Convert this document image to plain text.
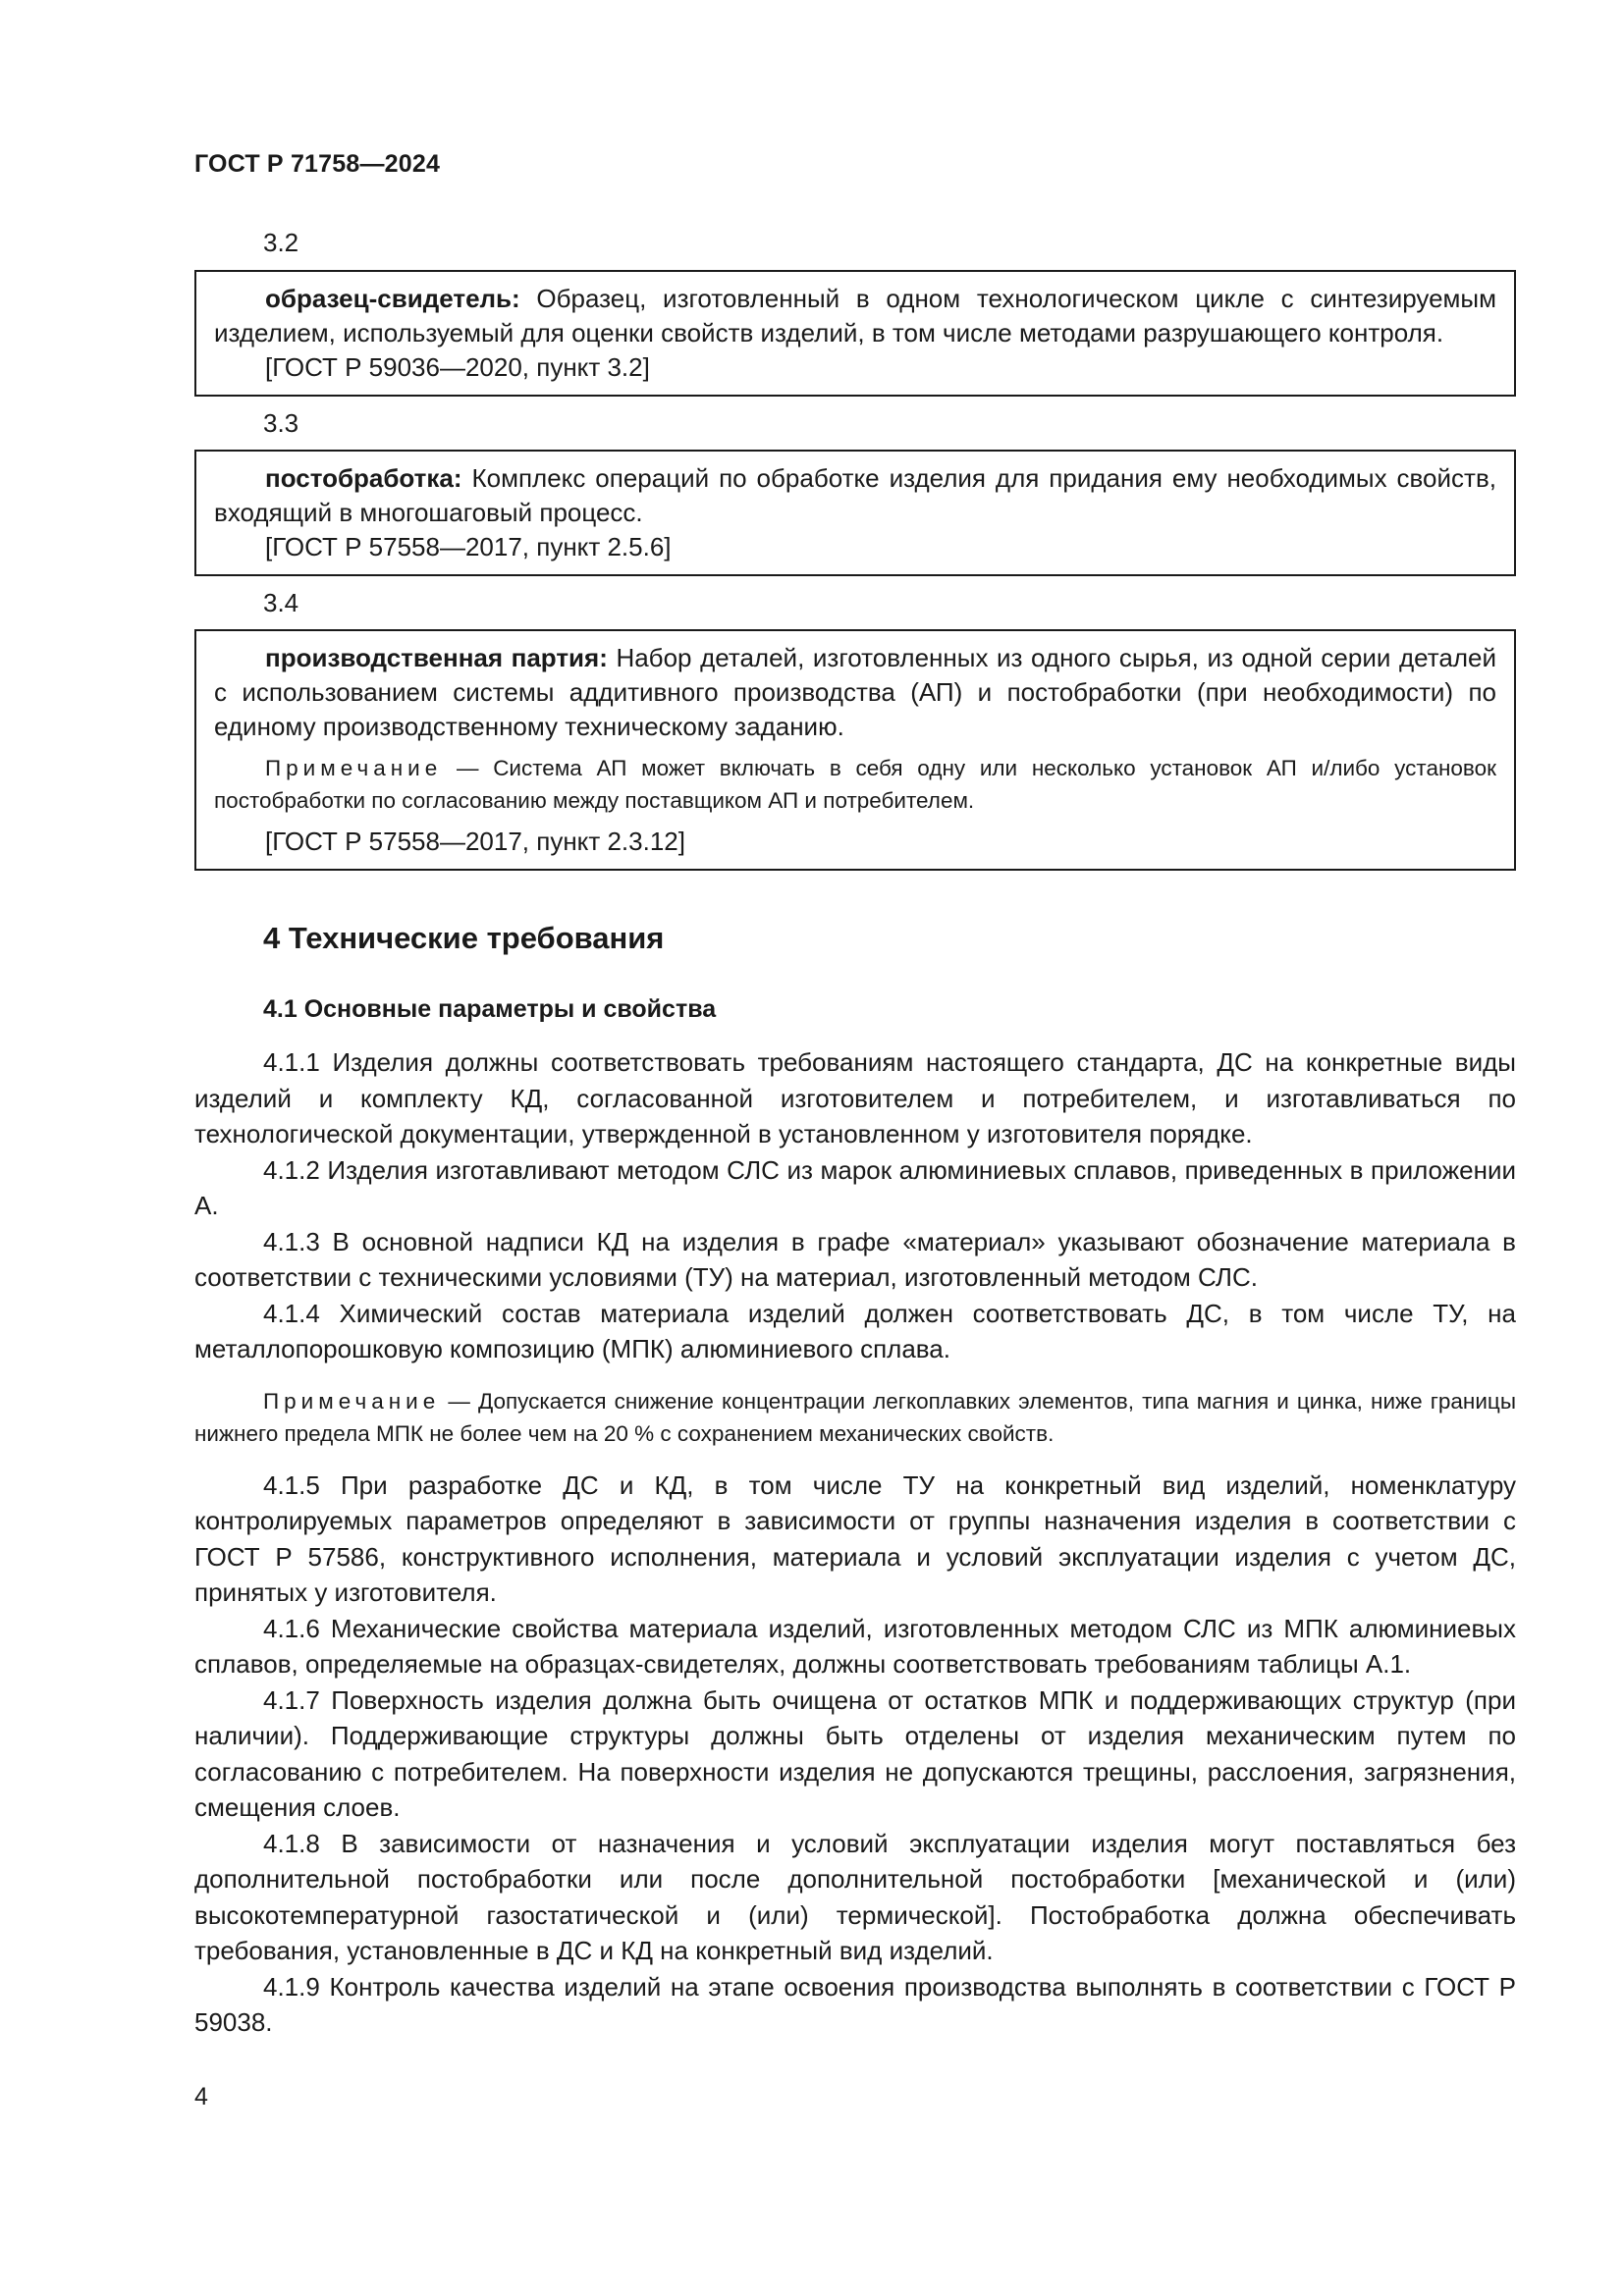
ГОСТ Р 71758—2024
3.2

образец-свидетель: Образец, изготовленный в одном технологическом цикле с синтезируемым изделием, используемый для оценки свойств изделий, в том числе методами разрушающего контроля.

[ГОСТ Р 59036—2020, пункт 3.2]

3.3

постобработка: Комплекс операций по обработке изделия для придания ему необходимых свойств, входящий в многошаговый процесс.

[ГОСТ Р 57558—2017, пункт 2.5.6]

3.4

производственная партия: Набор деталей, изготовленных из одного сырья, из одной серии деталей с использованием системы аддитивного производства (АП) и постобработки (при необходимости) по единому производственному техническому заданию.

Примечание — Система АП может включать в себя одну или несколько установок АП и/либо установок постобработки по согласованию между поставщиком АП и потребителем.

[ГОСТ Р 57558—2017, пункт 2.3.12]

4 Технические требования
4.1 Основные параметры и свойства

4.1.1 Изделия должны соответствовать требованиям настоящего стандарта, ДС на конкретные виды изделий и комплекту КД, согласованной изготовителем и потребителем, и изготавливаться по технологической документации, утвержденной в установленном у изготовителя порядке.

4.1.2 Изделия изготавливают методом СЛС из марок алюминиевых сплавов, приведенных в приложении А.

4.1.3 В основной надписи КД на изделия в графе «материал» указывают обозначение материала в соответствии с техническими условиями (ТУ) на материал, изготовленный методом СЛС.

4.1.4 Химический состав материала изделий должен соответствовать ДС, в том числе ТУ, на металлопорошковую композицию (МПК) алюминиевого сплава.

Примечание — Допускается снижение концентрации легкоплавких элементов, типа магния и цинка, ниже границы нижнего предела МПК не более чем на 20 % с сохранением механических свойств.

4.1.5 При разработке ДС и КД, в том числе ТУ на конкретный вид изделий, номенклатуру контролируемых параметров определяют в зависимости от группы назначения изделия в соответствии с ГОСТ Р 57586, конструктивного исполнения, материала и условий эксплуатации изделия с учетом ДС, принятых у изготовителя.

4.1.6 Механические свойства материала изделий, изготовленных методом СЛС из МПК алюминиевых сплавов, определяемые на образцах-свидетелях, должны соответствовать требованиям таблицы А.1.

4.1.7 Поверхность изделия должна быть очищена от остатков МПК и поддерживающих структур (при наличии). Поддерживающие структуры должны быть отделены от изделия механическим путем по согласованию с потребителем. На поверхности изделия не допускаются трещины, расслоения, загрязнения, смещения слоев.

4.1.8 В зависимости от назначения и условий эксплуатации изделия могут поставляться без дополнительной постобработки или после дополнительной постобработки [механической и (или) высокотемпературной газостатической и (или) термической]. Постобработка должна обеспечивать требования, установленные в ДС и КД на конкретный вид изделий.

4.1.9 Контроль качества изделий на этапе освоения производства выполнять в соответствии с ГОСТ Р 59038.

4
